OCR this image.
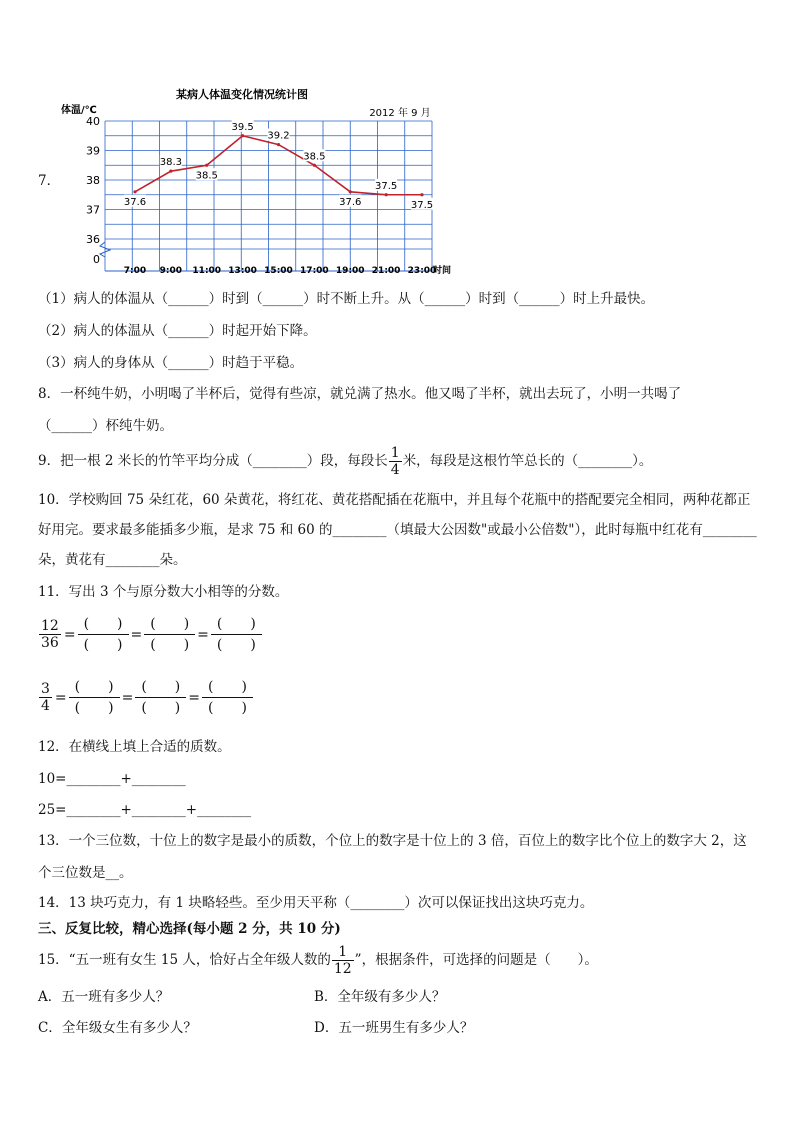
7．
某病人体温变化情况统计图
2012 年 9 月
体温/℃
时间
40
39
38
37
36
0
7:00 9:00 11:00 13:00 15:00 17:00 19:00 21:00 23:00
37.6
38.3
38.5
39.5
39.2
38.5
37.6
37.5
37.5
（1）病人的体温从（______）时到（______）时不断上升。从（______）时到（______）时上升最快。
（2）病人的体温从（______）时起开始下降。
（3）病人的身体从（______）时趋于平稳。
8．一杯纯牛奶，小明喝了半杯后，觉得有些凉，就兑满了热水。他又喝了半杯，就出去玩了，小明一共喝了
（______）杯纯牛奶。
9．把一根 2 米长的竹竿平均分成（________）段，每段长 $\frac{1}{4}$ 米，每段是这根竹竿总长的（________）。
10．学校购回 75 朵红花，60 朵黄花，将红花、黄花搭配插在花瓶中，并且每个花瓶中的搭配要完全相同，两种花都正
好用完。要求最多能插多少瓶，是求 75 和 60 的________（填最大公因数"或最小公倍数"），此时每瓶中红花有________
朵，黄花有________朵。
11．写出 3 个与原分数大小相等的分数。
$\frac{12}{36} = \frac{( )}{( )} = \frac{( )}{( )} = \frac{( )}{( )}$
$\frac{3}{4} = \frac{( )}{( )} = \frac{( )}{( )} = \frac{( )}{( )}$
12．在横线上填上合适的质数。
10=________+________
25=________+________+________
13．一个三位数，十位上的数字是最小的质数，个位上的数字是十位上的 3 倍，百位上的数字比个位上的数字大 2，这
个三位数是__。
14．13 块巧克力，有 1 块略轻些。至少用天平称（________）次可以保证找出这块巧克力。
三、反复比较，精心选择(每小题 2 分，共 10 分)
15．“五一班有女生 15 人，恰好占全年级人数的 $\frac{1}{12}$ ”，根据条件，可选择的问题是（　　）。
A．五一班有多少人？	B．全年级有多少人？
C．全年级女生有多少人？	D．五一班男生有多少人？
